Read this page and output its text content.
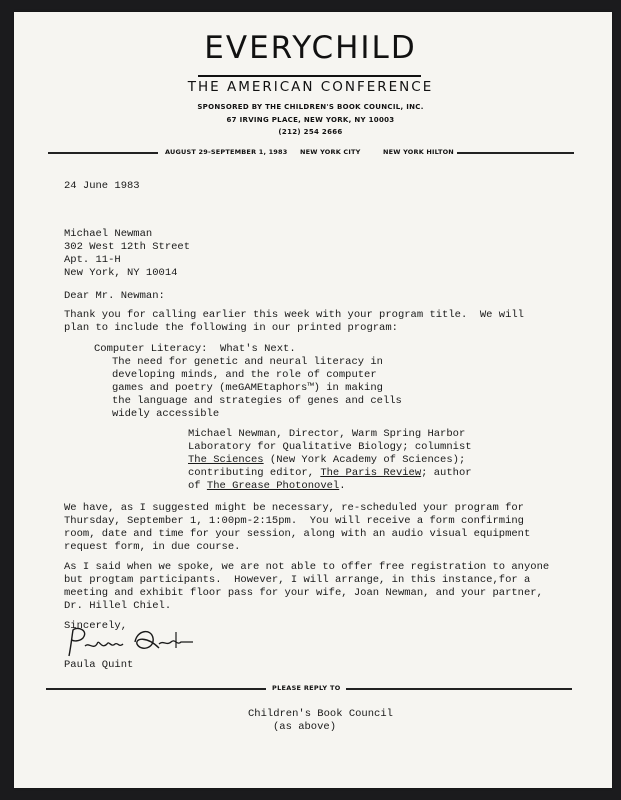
EVERYCHILD
THE AMERICAN CONFERENCE
SPONSORED BY THE CHILDREN'S BOOK COUNCIL, INC.
67 IRVING PLACE, NEW YORK, NY 10003
(212) 254 2666
AUGUST 29-SEPTEMBER 1, 1983 NEW YORK CITY	NEW YORK HILTON
24 June 1983
Michael Newman
302 West 12th Street
Apt. 11-H
New York, NY 10014
Dear Mr. Newman:
Thank you for calling earlier this week with your program title.  We will
plan to include the following in our printed program:
Computer Literacy:  What's Next.
The need for genetic and neural literacy in
developing minds, and the role of computer
games and poetry (meGAMEtaphors™) in making
the language and strategies of genes and cells
widely accessible
Michael Newman, Director, Warm Spring Harbor
Laboratory for Qualitative Biology; columnist
The Sciences (New York Academy of Sciences);
contributing editor, The Paris Review; author
of The Grease Photonovel.
We have, as I suggested might be necessary, re-scheduled your program for
Thursday, September 1, 1:00pm-2:15pm.  You will receive a form confirming
room, date and time for your session, along with an audio visual equipment
request form, in due course.
As I said when we spoke, we are not able to offer free registration to anyone
but progtam participants.  However, I will arrange, in this instance,for a
meeting and exhibit floor pass for your wife, Joan Newman, and your partner,
Dr. Hillel Chiel.
Sincerely,
Paula Quint
PLEASE REPLY TO
Children's Book Council
(as above)
